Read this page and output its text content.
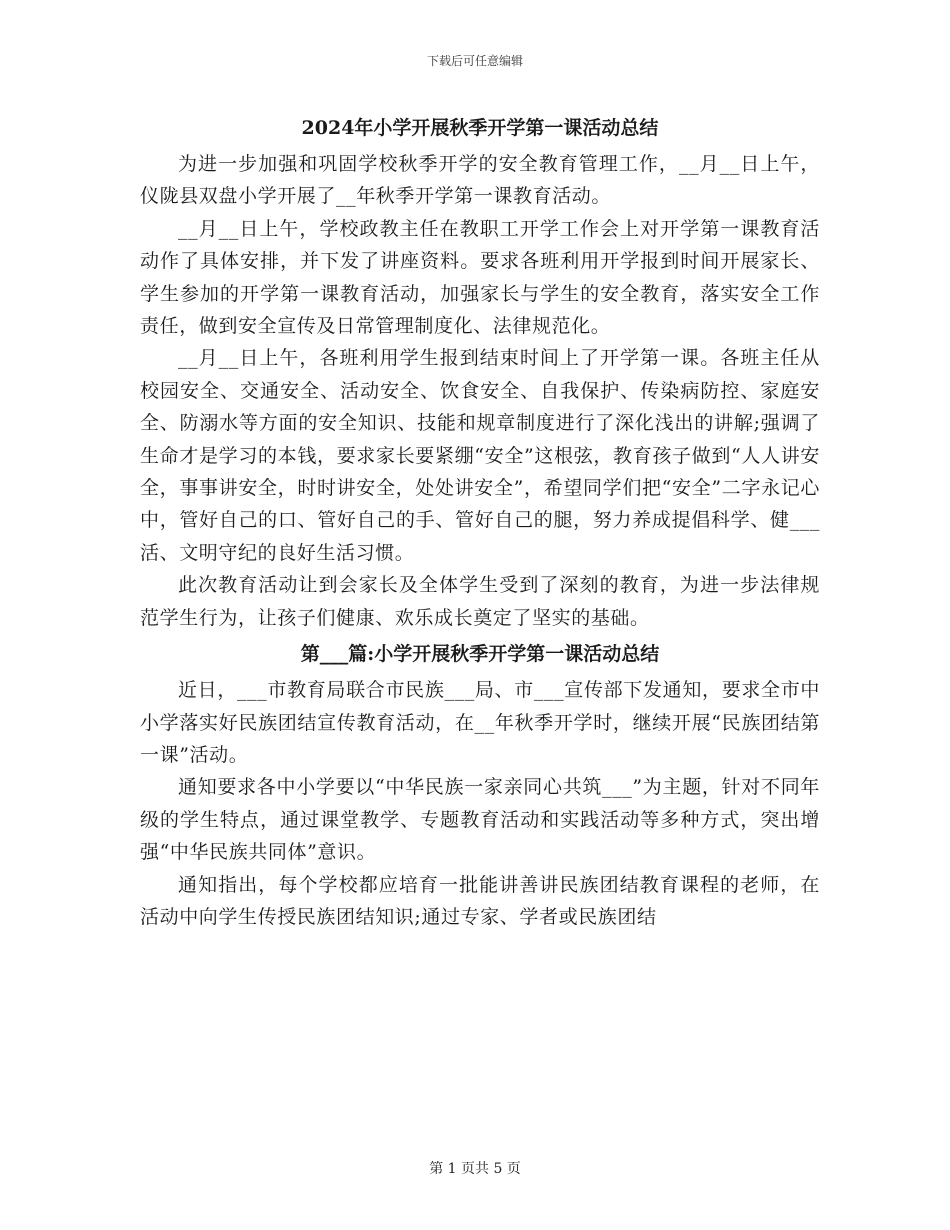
下载后可任意编辑
2024年小学开展秋季开学第一课活动总结

为进一步加强和巩固学校秋季开学的安全教育管理工作，__月__日上午，仪陇县双盘小学开展了__年秋季开学第一课教育活动。

__月__日上午，学校政教主任在教职工开学工作会上对开学第一课教育活动作了具体安排，并下发了讲座资料。要求各班利用开学报到时间开展家长、学生参加的开学第一课教育活动，加强家长与学生的安全教育，落实安全工作责任，做到安全宣传及日常管理制度化、法律规范化。

__月__日上午，各班利用学生报到结束时间上了开学第一课。各班主任从校园安全、交通安全、活动安全、饮食安全、自我保护、传染病防控、家庭安全、防溺水等方面的安全知识、技能和规章制度进行了深化浅出的讲解;强调了生命才是学习的本钱，要求家长要紧绷“安全”这根弦，教育孩子做到“人人讲安全，事事讲安全，时时讲安全，处处讲安全”，希望同学们把“安全”二字永记心中，管好自己的口、管好自己的手、管好自己的腿，努力养成提倡科学、健___活、文明守纪的良好生活习惯。

此次教育活动让到会家长及全体学生受到了深刻的教育，为进一步法律规范学生行为，让孩子们健康、欢乐成长奠定了坚实的基础。

第___篇:小学开展秋季开学第一课活动总结

近日，___市教育局联合市民族___局、市___宣传部下发通知，要求全市中小学落实好民族团结宣传教育活动，在__年秋季开学时，继续开展“民族团结第一课”活动。

通知要求各中小学要以“中华民族一家亲同心共筑___”为主题，针对不同年级的学生特点，通过课堂教学、专题教育活动和实践活动等多种方式，突出增强“中华民族共同体”意识。

通知指出，每个学校都应培育一批能讲善讲民族团结教育课程的老师，在活动中向学生传授民族团结知识;通过专家、学者或民族团结

第 1 页共 5 页
